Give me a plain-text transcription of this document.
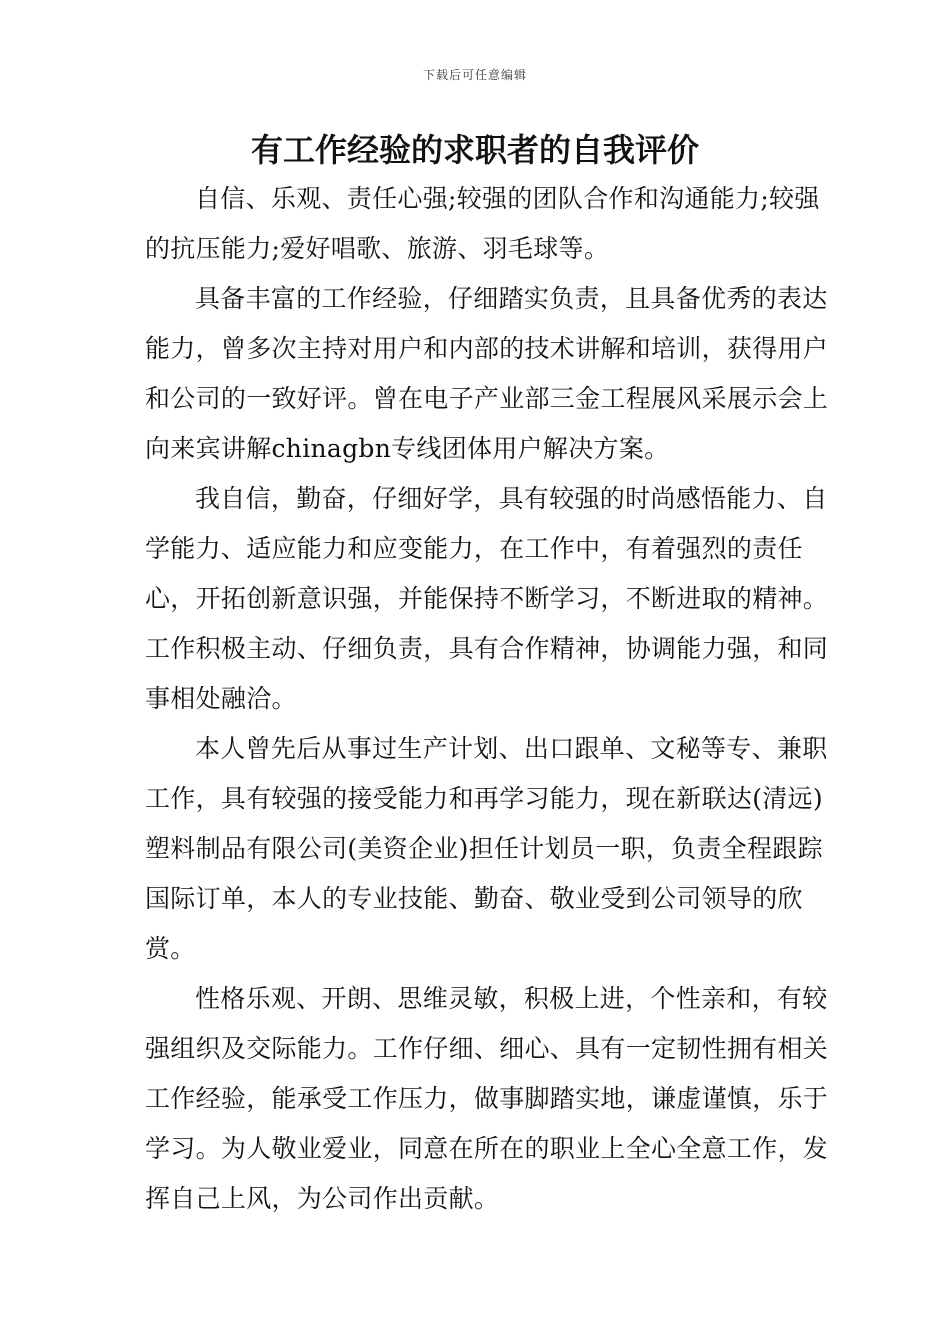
下载后可任意编辑
有工作经验的求职者的自我评价

自信、乐观、责任心强;较强的团队合作和沟通能力;较强的抗压能力;爱好唱歌、旅游、羽毛球等。

具备丰富的工作经验，仔细踏实负责，且具备优秀的表达能力，曾多次主持对用户和内部的技术讲解和培训，获得用户和公司的一致好评。曾在电子产业部三金工程展风采展示会上向来宾讲解chinagbn专线团体用户解决方案。

我自信，勤奋，仔细好学，具有较强的时尚感悟能力、自学能力、适应能力和应变能力，在工作中，有着强烈的责任心，开拓创新意识强，并能保持不断学习，不断进取的精神。工作积极主动、仔细负责，具有合作精神，协调能力强，和同事相处融洽。

本人曾先后从事过生产计划、出口跟单、文秘等专、兼职工作，具有较强的接受能力和再学习能力，现在新联达(清远)塑料制品有限公司(美资企业)担任计划员一职，负责全程跟踪国际订单，本人的专业技能、勤奋、敬业受到公司领导的欣赏。

性格乐观、开朗、思维灵敏，积极上进，个性亲和，有较强组织及交际能力。工作仔细、细心、具有一定韧性拥有相关工作经验，能承受工作压力，做事脚踏实地，谦虚谨慎，乐于学习。为人敬业爱业，同意在所在的职业上全心全意工作，发挥自己上风，为公司作出贡献。
